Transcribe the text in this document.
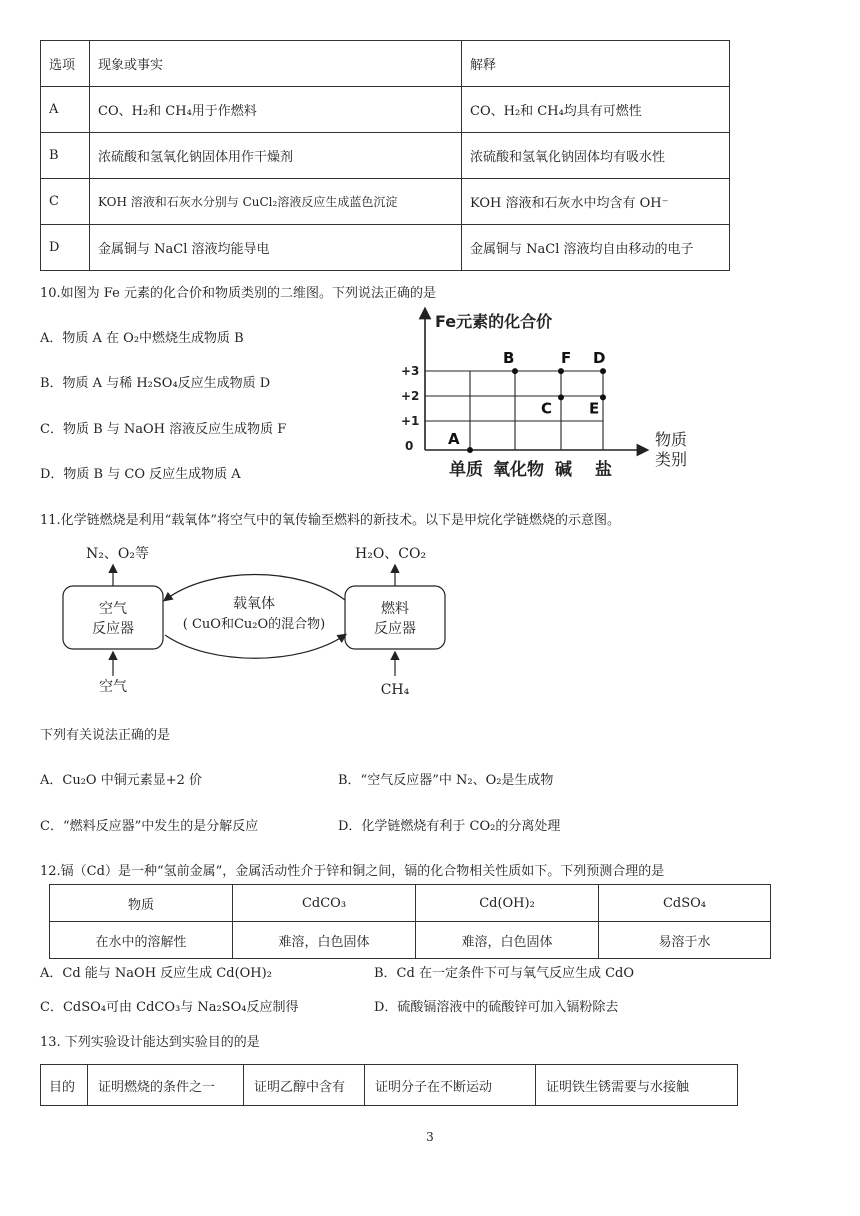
选项	现象或事实	解释
A	CO、H₂和 CH₄用于作燃料	CO、H₂和 CH₄均具有可燃性
B	浓硫酸和氢氧化钠固体用作干燥剂	浓硫酸和氢氧化钠固体均有吸水性
C	KOH 溶液和石灰水分别与 CuCl₂溶液反应生成蓝色沉淀	KOH 溶液和石灰水中均含有 OH⁻
D	金属铜与 NaCl 溶液均能导电	金属铜与 NaCl 溶液均自由移动的电子
10.如图为 Fe 元素的化合价和物质类别的二维图。下列说法正确的是
A．物质 A 在 O₂中燃烧生成物质 B
B．物质 A 与稀 H₂SO₄反应生成物质 D
C．物质 B 与 NaOH 溶液反应生成物质 F
D．物质 B 与 CO 反应生成物质 A
Fe元素的化合价
物质
类别
+3
+2
+1
0
单质 氧化物 碱 盐
A
B
C
F D
E
11.化学链燃烧是利用“载氧体”将空气中的氧传输至燃料的新技术。以下是甲烷化学链燃烧的示意图。
N₂、O₂等
空气
反应器
空气
H₂O、CO₂
燃料
反应器
CH₄
载氧体
( CuO和Cu₂O的混合物)
下列有关说法正确的是
A．Cu₂O 中铜元素显+2 价	B．“空气反应器”中 N₂、O₂是生成物
C．“燃料反应器”中发生的是分解反应	D．化学链燃烧有利于 CO₂的分离处理
12.镉（Cd）是一种“氢前金属”，金属活动性介于锌和铜之间，镉的化合物相关性质如下。下列预测合理的是
物质	CdCO₃	Cd(OH)₂	CdSO₄
在水中的溶解性	难溶，白色固体	难溶，白色固体	易溶于水
A．Cd 能与 NaOH 反应生成 Cd(OH)₂	B．Cd 在一定条件下可与氧气反应生成 CdO
C．CdSO₄可由 CdCO₃与 Na₂SO₄反应制得	D．硫酸镉溶液中的硫酸锌可加入镉粉除去
13. 下列实验设计能达到实验目的的是
目的	证明燃烧的条件之一	证明乙醇中含有	证明分子在不断运动	证明铁生锈需要与水接触
3
